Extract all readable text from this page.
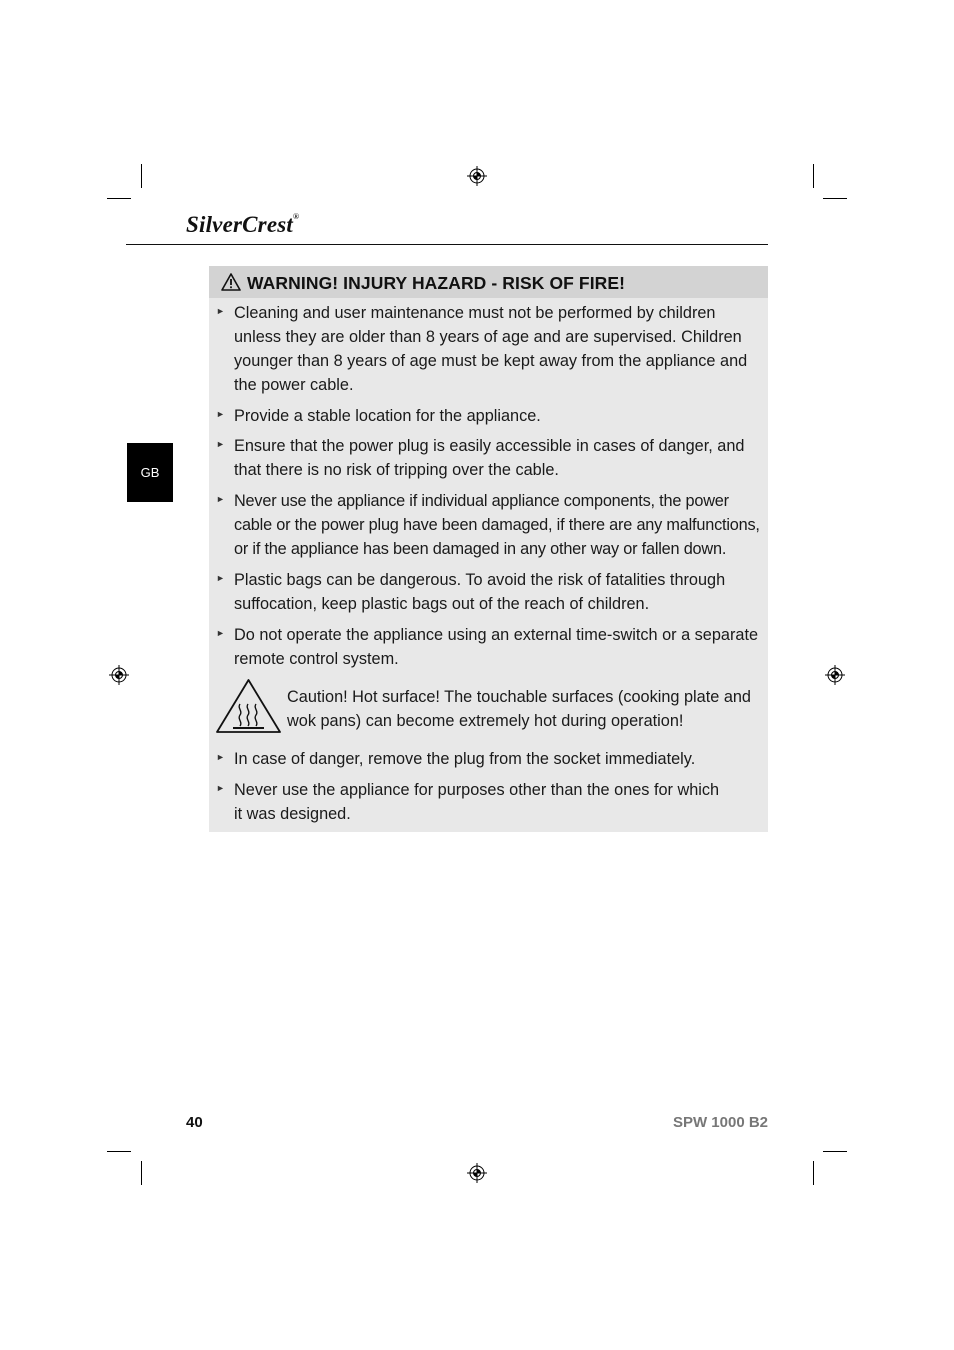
SilverCrest®
GB
WARNING! INJURY HAZARD - RISK OF FIRE!
► Cleaning and user maintenance must not be performed by children unless they are older than 8 years of age and are supervised. Children younger than 8 years of age must be kept away from the appliance and the power cable.
► Provide a stable location for the appliance.
► Ensure that the power plug is easily accessible in cases of danger, and that there is no risk of tripping over the cable.
► Never use the appliance if individual appliance components, the power cable or the power plug have been damaged, if there are any malfunctions, or if the appliance has been damaged in any other way or fallen down.
► Plastic bags can be dangerous. To avoid the risk of fatalities through suffocation, keep plastic bags out of the reach of children.
► Do not operate the appliance using an external time-switch or a separate remote control system.
Caution! Hot surface! The touchable surfaces (cooking plate and wok pans) can become extremely hot during operation!
► In case of danger, remove the plug from the socket immediately.
► Never use the appliance for purposes other than the ones for which it was designed.
40	SPW 1000 B2
